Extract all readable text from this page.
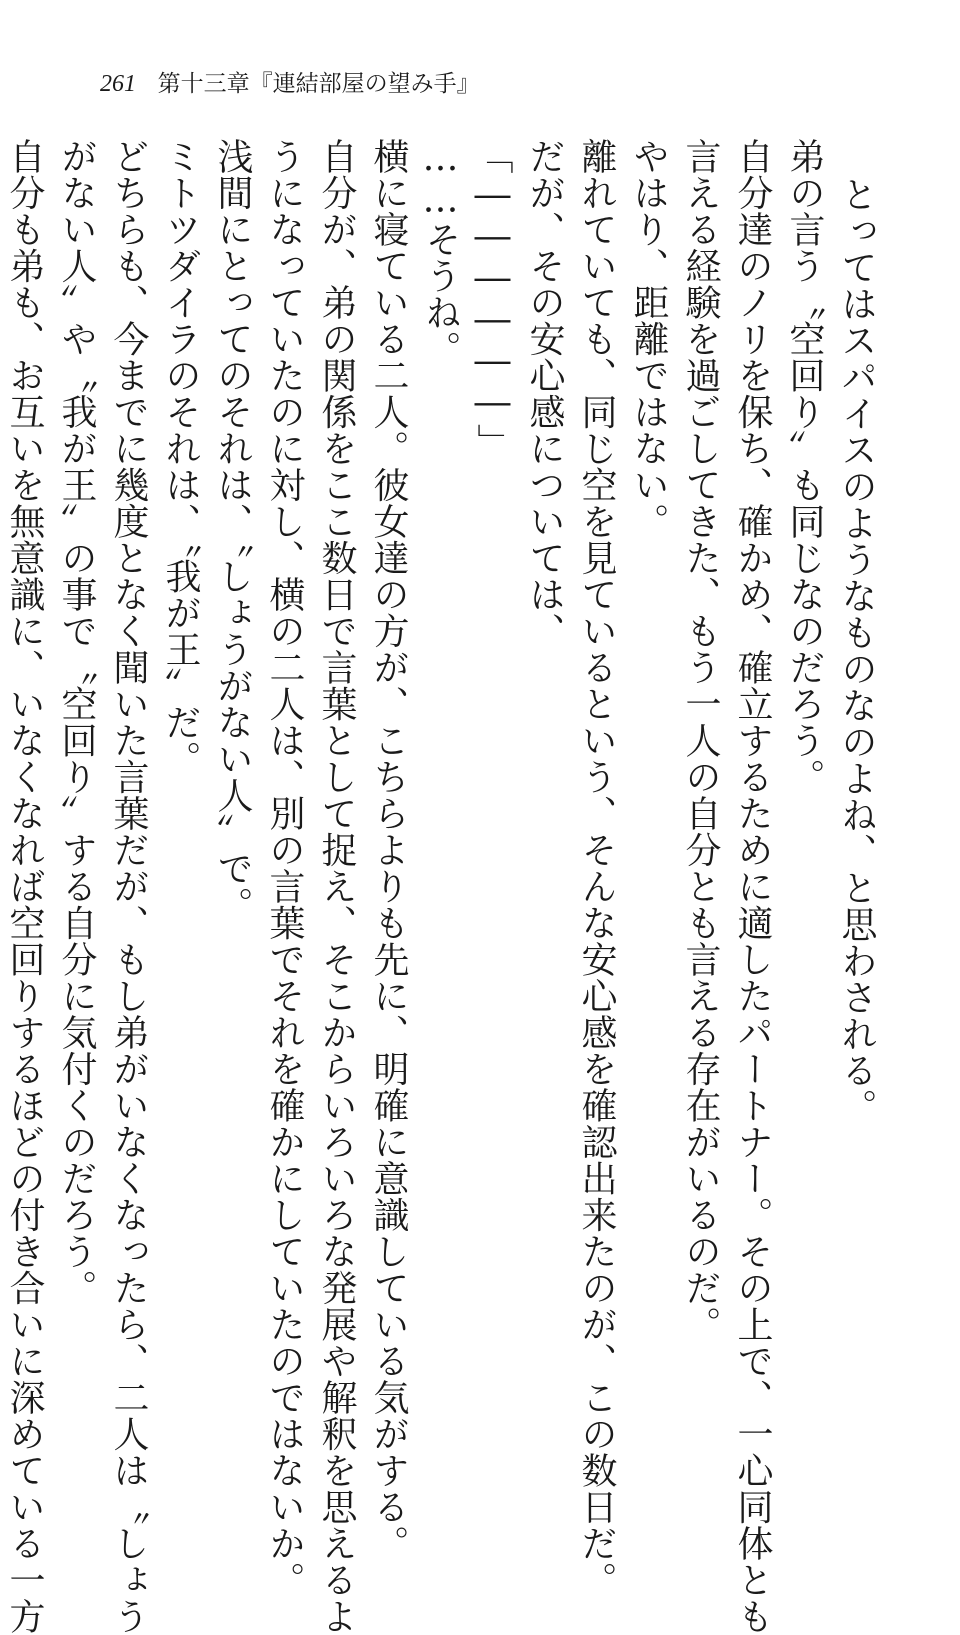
261 第十三章『連結部屋の望み手』
とってはスパイスのようなものなのよね、と思わされる。
弟の言う〝空回り〟も同じなのだろう。
自分達のノリを保ち、確かめ、確立するために適したパートナー。その上で、一心同体とも
言える経験を過ごしてきた、もう一人の自分とも言える存在がいるのだ。
やはり、距離ではない。
離れていても、同じ空を見ているという、そんな安心感を確認出来たのが、この数日だ。
だが、その安心感については、
「――――――」
……そうね。
横に寝ている二人。彼女達の方が、こちらよりも先に、明確に意識している気がする。
自分が、弟の関係をここ数日で言葉として捉え、そこからいろいろな発展や解釈を思えるよ
うになっていたのに対し、横の二人は、別の言葉でそれを確かにしていたのではないか。
浅間にとってのそれは、〝しょうがない人〟で。
ミトツダイラのそれは、〝我が王〟だ。
どちらも、今までに幾度となく聞いた言葉だが、もし弟がいなくなったら、二人は〝しょう
がない人〟や〝我が王〟の事で〝空回り〟する自分に気付くのだろう。
自分も弟も、お互いを無意識に、いなくなれば空回りするほどの付き合いに深めている一方
